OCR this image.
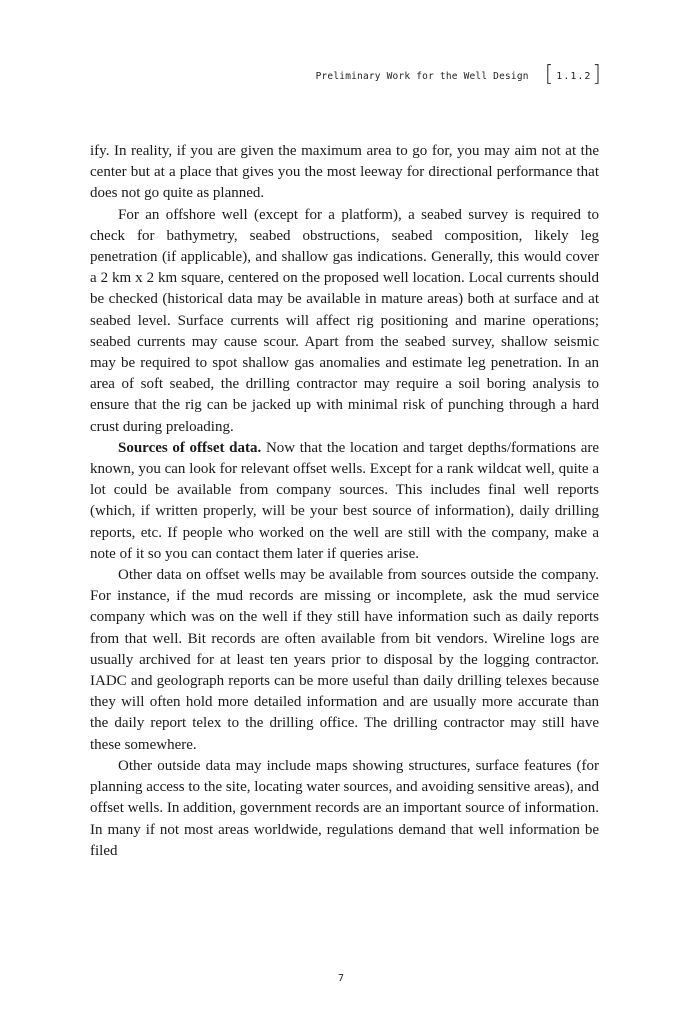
Preliminary Work for the Well Design [ 1.1.2 ]

ify. In reality, if you are given the maximum area to go for, you may aim not at the center but at a place that gives you the most leeway for directional performance that does not go quite as planned.

For an offshore well (except for a platform), a seabed survey is required to check for bathymetry, seabed obstructions, seabed composition, likely leg penetration (if applicable), and shallow gas indications. Generally, this would cover a 2 km x 2 km square, centered on the proposed well location. Local currents should be checked (historical data may be available in mature areas) both at surface and at seabed level. Surface currents will affect rig positioning and marine operations; seabed currents may cause scour. Apart from the seabed survey, shallow seismic may be required to spot shallow gas anomalies and estimate leg penetration. In an area of soft seabed, the drilling contractor may require a soil boring analysis to ensure that the rig can be jacked up with minimal risk of punching through a hard crust during preloading.

Sources of offset data. Now that the location and target depths/formations are known, you can look for relevant offset wells. Except for a rank wildcat well, quite a lot could be available from company sources. This includes final well reports (which, if written properly, will be your best source of information), daily drilling reports, etc. If people who worked on the well are still with the company, make a note of it so you can contact them later if queries arise.

Other data on offset wells may be available from sources outside the company. For instance, if the mud records are missing or incomplete, ask the mud service company which was on the well if they still have information such as daily reports from that well. Bit records are often available from bit vendors. Wireline logs are usually archived for at least ten years prior to disposal by the logging contractor. IADC and geolograph reports can be more useful than daily drilling telexes because they will often hold more detailed information and are usually more accurate than the daily report telex to the drilling office. The drilling contractor may still have these somewhere.

Other outside data may include maps showing structures, surface features (for planning access to the site, locating water sources, and avoiding sensitive areas), and offset wells. In addition, government records are an important source of information. In many if not most areas worldwide, regulations demand that well information be filed

7
